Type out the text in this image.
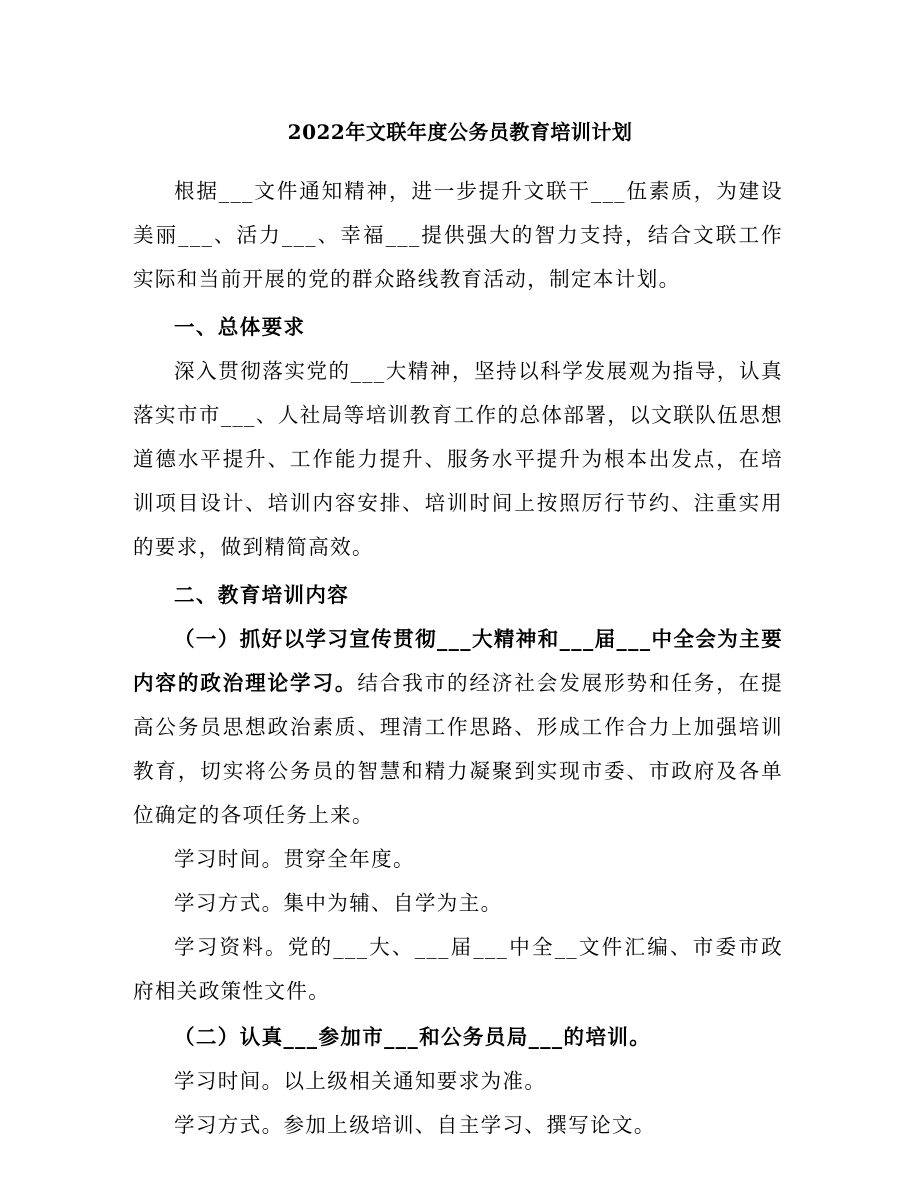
2022年文联年度公务员教育培训计划

根据___文件通知精神，进一步提升文联干___伍素质，为建设美丽___、活力___、幸福___提供强大的智力支持，结合文联工作实际和当前开展的党的群众路线教育活动，制定本计划。

一、总体要求

深入贯彻落实党的___大精神，坚持以科学发展观为指导，认真落实市市___、人社局等培训教育工作的总体部署，以文联队伍思想道德水平提升、工作能力提升、服务水平提升为根本出发点，在培训项目设计、培训内容安排、培训时间上按照厉行节约、注重实用的要求，做到精简高效。

二、教育培训内容

（一）抓好以学习宣传贯彻___大精神和___届___中全会为主要内容的政治理论学习。结合我市的经济社会发展形势和任务，在提高公务员思想政治素质、理清工作思路、形成工作合力上加强培训教育，切实将公务员的智慧和精力凝聚到实现市委、市政府及各单位确定的各项任务上来。

学习时间。贯穿全年度。

学习方式。集中为辅、自学为主。

学习资料。党的___大、___届___中全__文件汇编、市委市政府相关政策性文件。

（二）认真___参加市___和公务员局___的培训。

学习时间。以上级相关通知要求为准。

学习方式。参加上级培训、自主学习、撰写论文。
